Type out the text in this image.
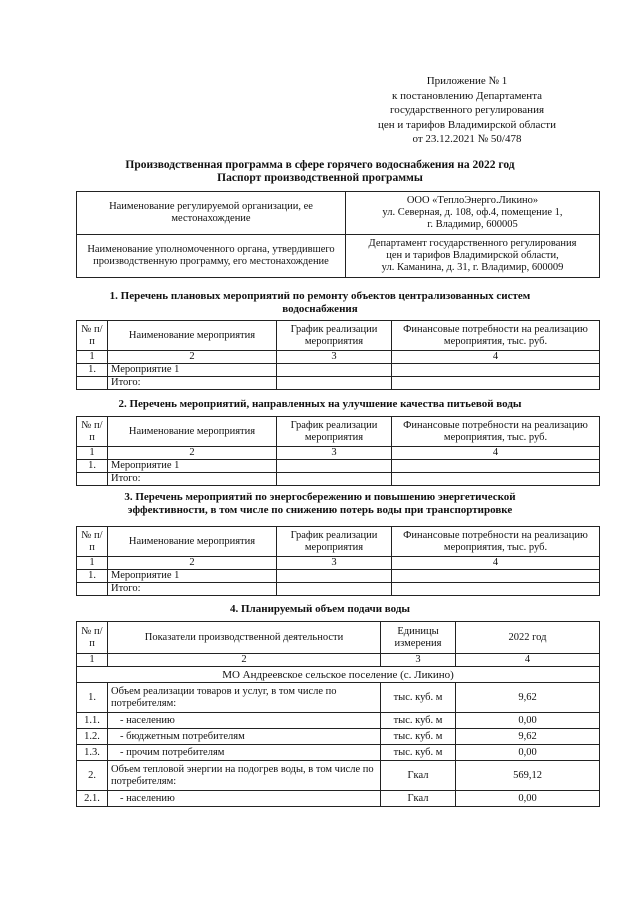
Приложение № 1
к постановлению Департамента
государственного регулирования
цен и тарифов Владимирской области
от 23.12.2021 № 50/478
Производственная программа в сфере горячего водоснабжения на 2022 год
Паспорт производственной программы
Наименование регулируемой организации, ее местонахождение	ООО «ТеплоЭнерго.Ликино»
ул. Северная, д. 108, оф.4, помещение 1,
г. Владимир, 600005

Наименование уполномоченного органа, утвердившего производственную программу, его местонахождение	Департамент государственного регулирования
цен и тарифов Владимирской области,
ул. Каманина, д. 31, г. Владимир, 600009
1. Перечень плановых мероприятий по ремонту объектов централизованных систем водоснабжения
№ п/п	Наименование мероприятия	График реализации мероприятия	Финансовые потребности на реализацию мероприятия, тыс. руб.
1	2	3	4
1.	Мероприятие 1		
	Итого:		
2. Перечень мероприятий, направленных на улучшение качества питьевой воды
№ п/п	Наименование мероприятия	График реализации мероприятия	Финансовые потребности на реализацию мероприятия, тыс. руб.
1	2	3	4
1.	Мероприятие 1		
	Итого:		
3. Перечень мероприятий по энергосбережению и повышению энергетической эффективности, в том числе по снижению потерь воды при транспортировке
№ п/п	Наименование мероприятия	График реализации мероприятия	Финансовые потребности на реализацию мероприятия, тыс. руб.
1	2	3	4
1.	Мероприятие 1		
	Итого:		
4. Планируемый объем подачи воды
№ п/п	Показатели производственной деятельности	Единицы измерения	2022 год
1	2	3	4
МО Андреевское сельское поселение (с. Ликино)			
1.	Объем реализации товаров и услуг, в том числе по потребителям:	тыс. куб. м	9,62
1.1.	- населению	тыс. куб. м	0,00
1.2.	- бюджетным потребителям	тыс. куб. м	9,62
1.3.	- прочим потребителям	тыс. куб. м	0,00
2.	Объем тепловой энергии на подогрев воды, в том числе по потребителям:	Гкал	569,12
2.1.	- населению	Гкал	0,00
